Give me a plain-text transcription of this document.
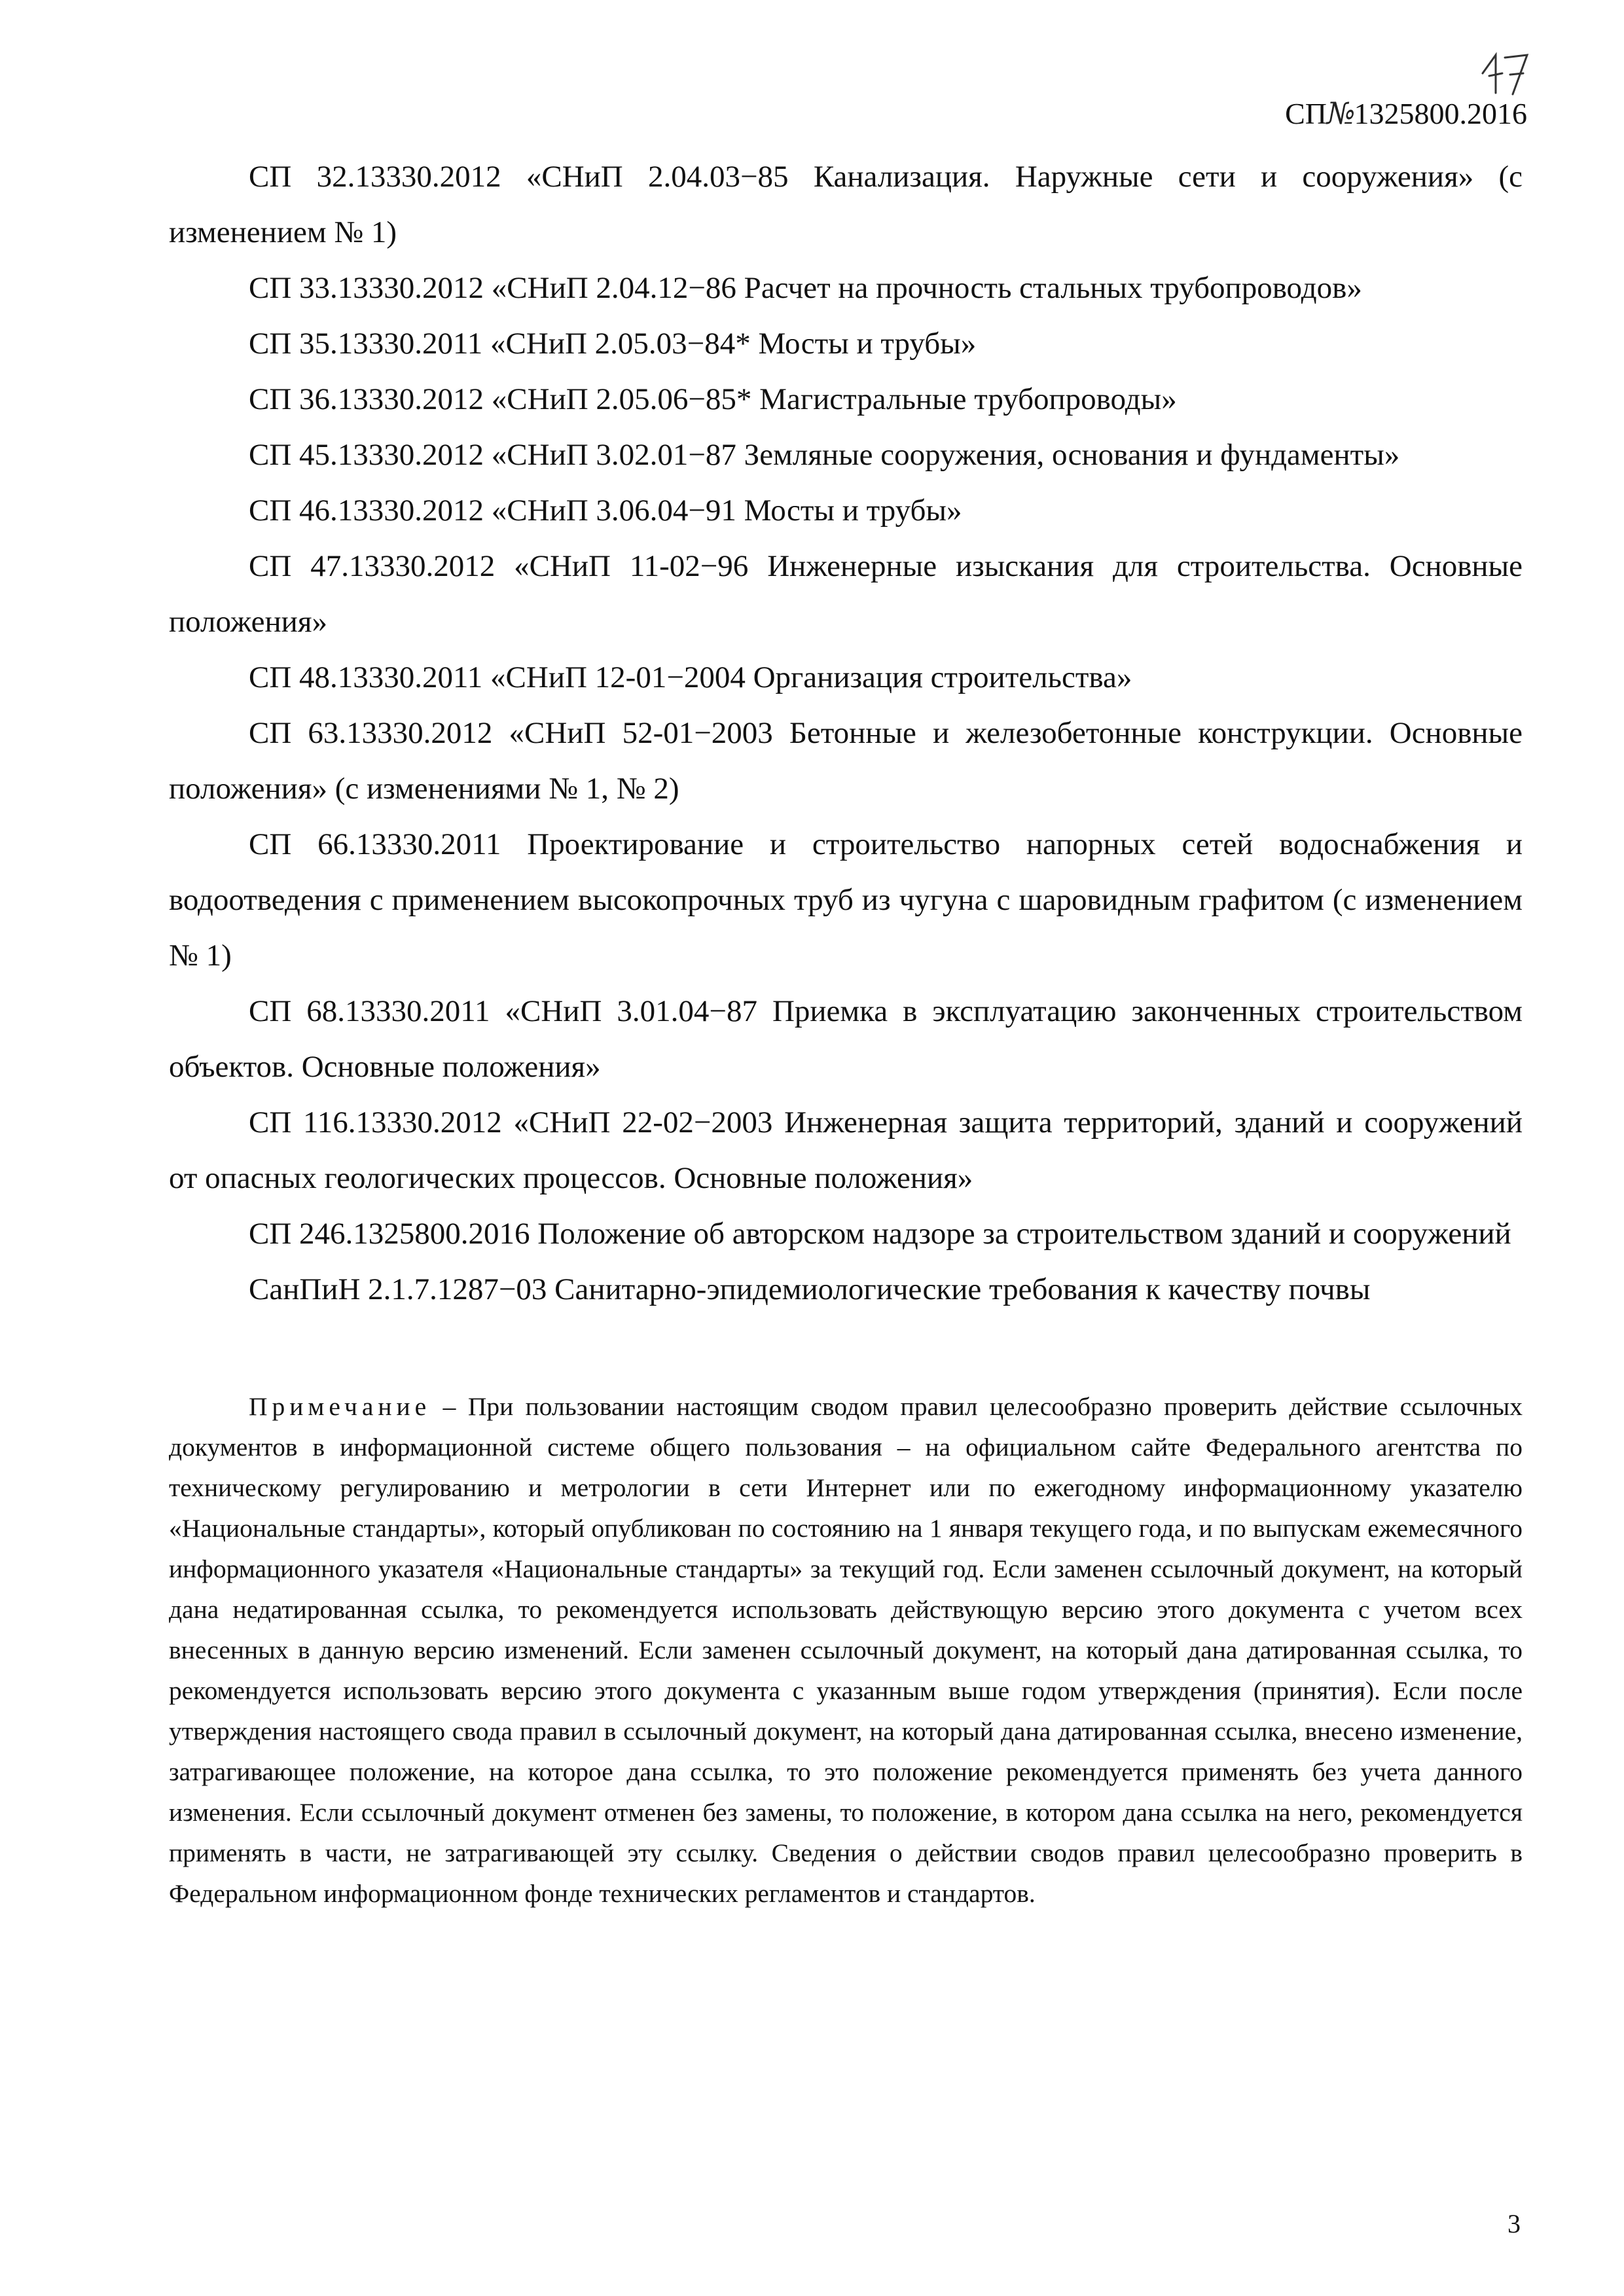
СП№1325800.2016

СП 32.13330.2012 «СНиП 2.04.03−85 Канализация. Наружные сети и сооружения» (с изменением № 1)

СП 33.13330.2012 «СНиП 2.04.12−86 Расчет на прочность стальных трубопроводов»

СП 35.13330.2011 «СНиП 2.05.03−84* Мосты и трубы»

СП 36.13330.2012 «СНиП 2.05.06−85* Магистральные трубопроводы»

СП 45.13330.2012 «СНиП 3.02.01−87 Земляные сооружения, основания и фундаменты»

СП 46.13330.2012 «СНиП 3.06.04−91 Мосты и трубы»

СП 47.13330.2012 «СНиП 11-02−96 Инженерные изыскания для строительства. Основные положения»

СП 48.13330.2011 «СНиП 12-01−2004 Организация строительства»

СП 63.13330.2012 «СНиП 52-01−2003 Бетонные и железобетонные конструкции. Основные положения» (с изменениями № 1, № 2)

СП 66.13330.2011 Проектирование и строительство напорных сетей водоснабжения и водоотведения с применением высокопрочных труб из чугуна с шаровидным графитом (с изменением № 1)

СП 68.13330.2011 «СНиП 3.01.04−87 Приемка в эксплуатацию законченных строительством объектов. Основные положения»

СП 116.13330.2012 «СНиП 22-02−2003 Инженерная защита территорий, зданий и сооружений от опасных геологических процессов. Основные положения»

СП 246.1325800.2016 Положение об авторском надзоре за строительством зданий и сооружений

СанПиН 2.1.7.1287−03 Санитарно-эпидемиологические требования к качеству почвы

Примечание – При пользовании настоящим сводом правил целесообразно проверить действие ссылочных документов в информационной системе общего пользования – на официальном сайте Федерального агентства по техническому регулированию и метрологии в сети Интернет или по ежегодному информационному указателю «Национальные стандарты», который опубликован по состоянию на 1 января текущего года, и по выпускам ежемесячного информационного указателя «Национальные стандарты» за текущий год. Если заменен ссылочный документ, на который дана недатированная ссылка, то рекомендуется использовать действующую версию этого документа с учетом всех внесенных в данную версию изменений. Если заменен ссылочный документ, на который дана датированная ссылка, то рекомендуется использовать версию этого документа с указанным выше годом утверждения (принятия). Если после утверждения настоящего свода правил в ссылочный документ, на который дана датированная ссылка, внесено изменение, затрагивающее положение, на которое дана ссылка, то это положение рекомендуется применять без учета данного изменения. Если ссылочный документ отменен без замены, то положение, в котором дана ссылка на него, рекомендуется применять в части, не затрагивающей эту ссылку. Сведения о действии сводов правил целесообразно проверить в Федеральном информационном фонде технических регламентов и стандартов.

3
